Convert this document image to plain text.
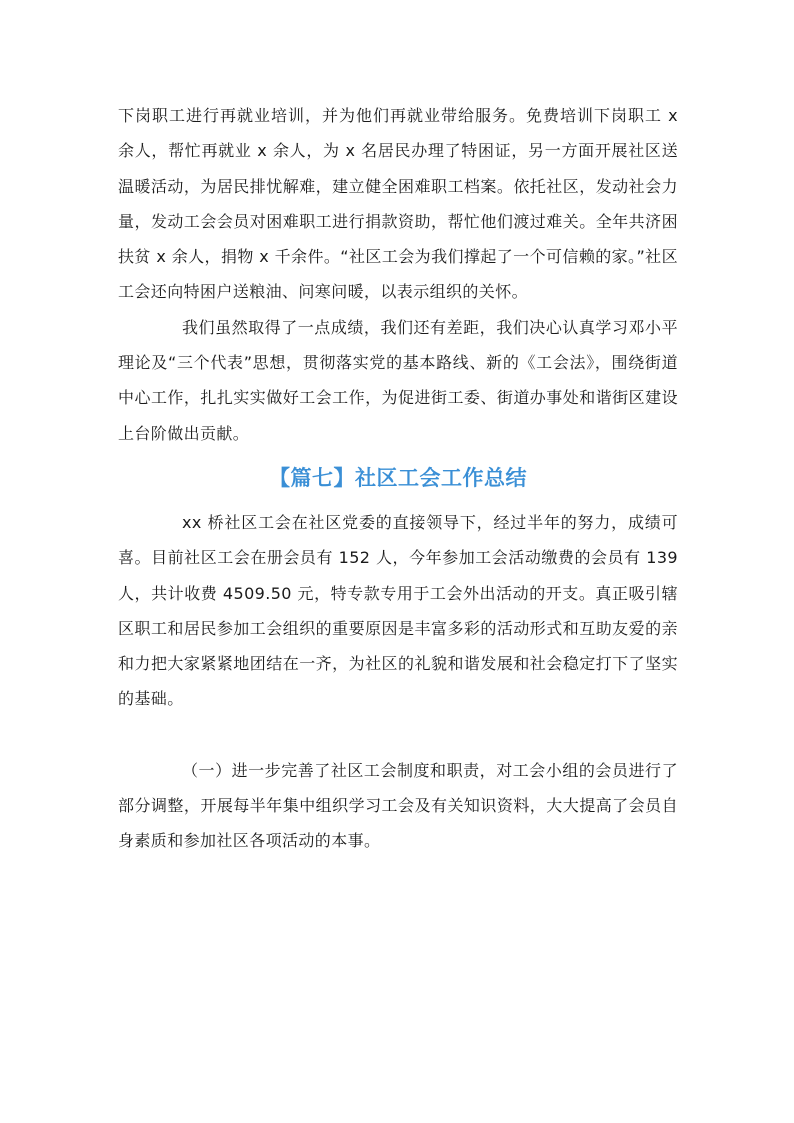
下岗职工进行再就业培训，并为他们再就业带给服务。免费培训下岗职工 x 余人，帮忙再就业 x 余人，为 x 名居民办理了特困证，另一方面开展社区送温暖活动，为居民排忧解难，建立健全困难职工档案。依托社区，发动社会力量，发动工会会员对困难职工进行捐款资助，帮忙他们渡过难关。全年共济困扶贫 x 余人，捐物 x 千余件。“社区工会为我们撑起了一个可信赖的家。”社区工会还向特困户送粮油、问寒问暖，以表示组织的关怀。

我们虽然取得了一点成绩，我们还有差距，我们决心认真学习邓小平理论及“三个代表”思想，贯彻落实党的基本路线、新的《工会法》，围绕街道中心工作，扎扎实实做好工会工作，为促进街工委、街道办事处和谐街区建设上台阶做出贡献。

【篇七】社区工会工作总结

xx 桥社区工会在社区党委的直接领导下，经过半年的努力，成绩可喜。目前社区工会在册会员有 152 人，今年参加工会活动缴费的会员有 139 人，共计收费 4509.50 元，特专款专用于工会外出活动的开支。真正吸引辖区职工和居民参加工会组织的重要原因是丰富多彩的活动形式和互助友爱的亲和力把大家紧紧地团结在一齐，为社区的礼貌和谐发展和社会稳定打下了坚实的基础。

（一）进一步完善了社区工会制度和职责，对工会小组的会员进行了部分调整，开展每半年集中组织学习工会及有关知识资料，大大提高了会员自身素质和参加社区各项活动的本事。
